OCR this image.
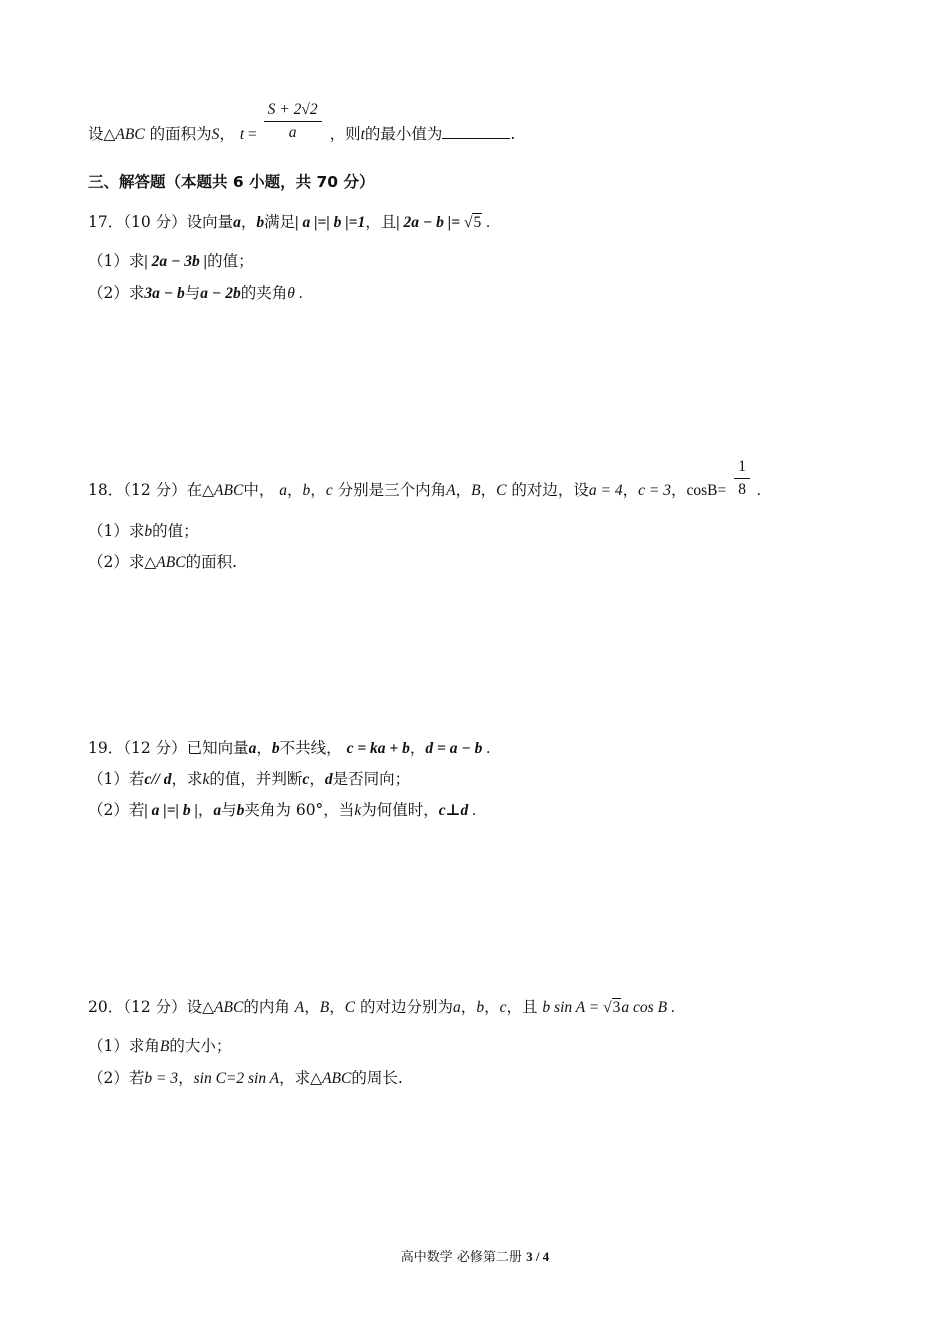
设△ABC 的面积为S， $t = \frac{S + 2√2}{a}$ ，则t的最小值为	.
三、解答题（本题共 6 小题，共 70 分）
17．（10 分）设向量a，b满足| a |=| b |=1，且| 2a − b |= √5 .
（1）求| 2a − 3b |的值；
（2）求3a − b与a − 2b的夹角θ .
18．（12 分）在△ABC中， a，b，c 分别是三个内角A，B，C 的对边，设a = 4，c = 3，$\cos B= \frac{1}{8}$ .
（1）求b的值；
（2）求△ABC的面积.
19．（12 分）已知向量a，b不共线， c = ka + b，d = a − b .
（1）若c// d，求k的值，并判断c，d是否同向；
（2）若| a |=| b |，a与b夹角为 60°，当k为何值时，c⊥d .
20．（12 分）设△ABC的内角 A，B，C 的对边分别为a，b，c，且 b sin A = √3a cos B .
（1）求角B的大小；
（2）若b = 3，sin C=2 sin A，求△ABC的周长.
高中数学 必修第二册 3 / 4
